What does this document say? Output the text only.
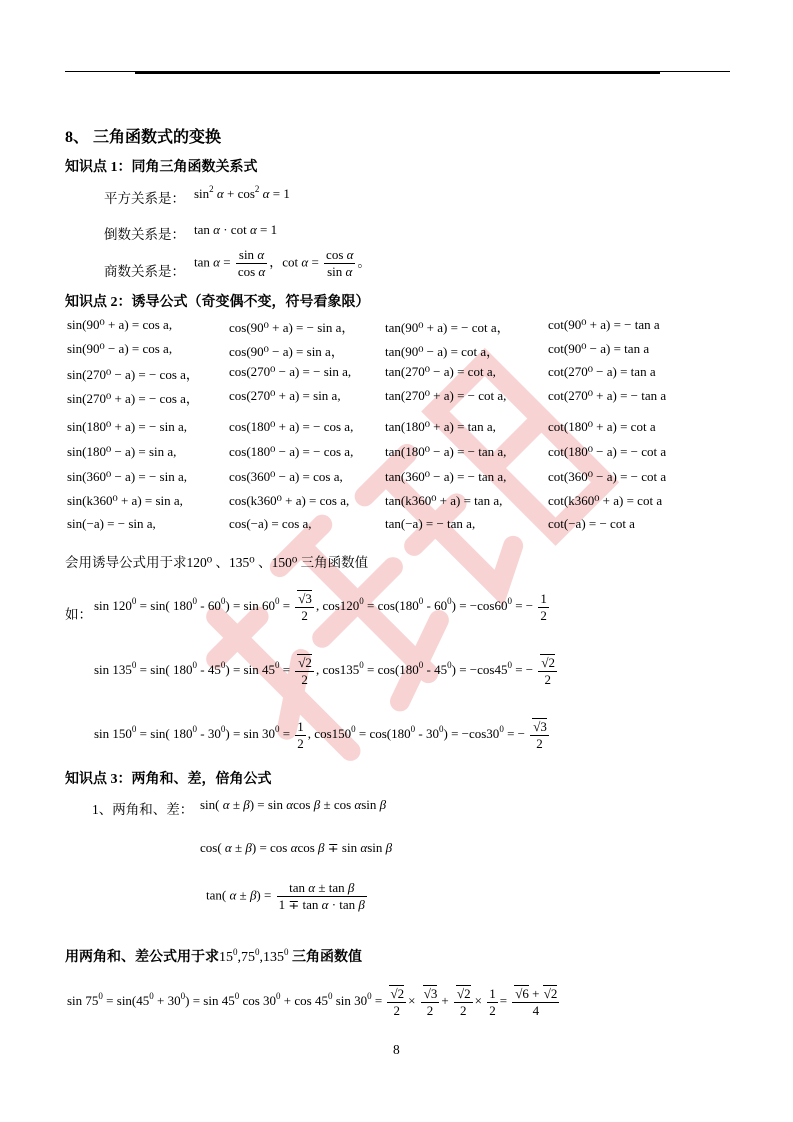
8、 三角函数式的变换
知识点 1：同角三角函数关系式
平方关系是： $\sin^2 \alpha + \cos^2 \alpha = 1$
倒数关系是： tan α · cot α = 1
商数关系是：
$\tan \alpha = \frac{\text{sin α}}{\text{cos α}}$ ，$\cot \alpha = \frac{\text{cos α}}{\text{sin α}}$ 。
知识点 2：诱导公式（奇变偶不变，符号看象限）
sin(90⁰ + a) = cos a,	cos(90⁰ + a) = − sin a， tan(90⁰ + a) = − cot a，	cot(90⁰ + a) = − tan a
sin(90⁰ − a) = cos a,	cos(90⁰ − a) = sin a，	tan(90⁰ − a) = cot a，	cot(90⁰ − a) = tan a
sin(270⁰ − a) = − cos a， cos(270⁰ − a) = − sin a,	tan(270⁰ − a) = cot a,	cot(270⁰ − a) = tan a
sin(270⁰ + a) = − cos a， cos(270⁰ + a) = sin a,	tan(270⁰ + a) = − cot a,	cot(270⁰ + a) = − tan a
sin(180⁰ + a) = − sin a,	cos(180⁰ + a) = − cos a, tan(180⁰ + a) = tan a,	cot(180⁰ + a) = cot a
sin(180⁰ − a) = sin a,	cos(180⁰ − a) = − cos a, tan(180⁰ − a) = − tan a,	cot(180⁰ − a) = − cot a
sin(360⁰ − a) = − sin a,	cos(360⁰ − a) = cos a,	tan(360⁰ − a) = − tan a,	cot(360⁰ − a) = − cot a
sin(k360⁰ + a) = sin a,	cos(k360⁰ + a) = cos a,	tan(k360⁰ + a) = tan a,	cot(k360⁰ + a) = cot a
sin(−a) = − sin a,	cos(−a) = cos a,	tan(−a) = − tan a,	cot(−a) = − cot a
会用诱导公式用于求120⁰ 、135⁰ 、150⁰ 三角函数值
如：
$\sin 120^0 = \sin$( $180^0 - 60^0) = \sin 60^0 = \frac{√3}{2}$ , $\cos 120^0 = \cos(180^0 - 60^0) = -\cos 60^0$ = − $\frac{1}{2}$
$\sin 135^0 = \sin$( $180^0 - 45^0) = \sin 45^0 = \frac{√2}{2}$ , $\cos 135^0 = \cos(180^0 - 45^0) = -\cos 45^0$ = − $\frac{√2}{2}$
$\sin 150^0 = \sin$( $180^0 - 30^0) = \sin 30^0 = \frac{1}{2}$ , $\cos 150^0 = \cos(180^0 - 30^0) = -\cos 30^0$ = − $\frac{√3}{2}$
知识点 3：两角和、差，倍角公式
1、两角和、差： sin( α ± β) = sin αcos β ± cos αsin β
cos( α ± β) = cos αcos β ∓ sin αsin β
tan( $\alpha \pm \beta) = \frac{\text{tan α ± tan β}}{\text{1 ∓ tan α · tan β}}$
用两角和、差公式用于求$15^0,75^0,135^0$ 三角函数值
$\sin 75^0 = \sin(45^0 + 30^0) = \sin 45^0$ $\cos 30^0 + \cos 45^0$ $\sin 30^0 = \frac{√2}{2} \times \frac{√3}{2} + \frac{√2}{2} \times \frac{1}{2} = \frac{√6 + √2}{4}$
8
